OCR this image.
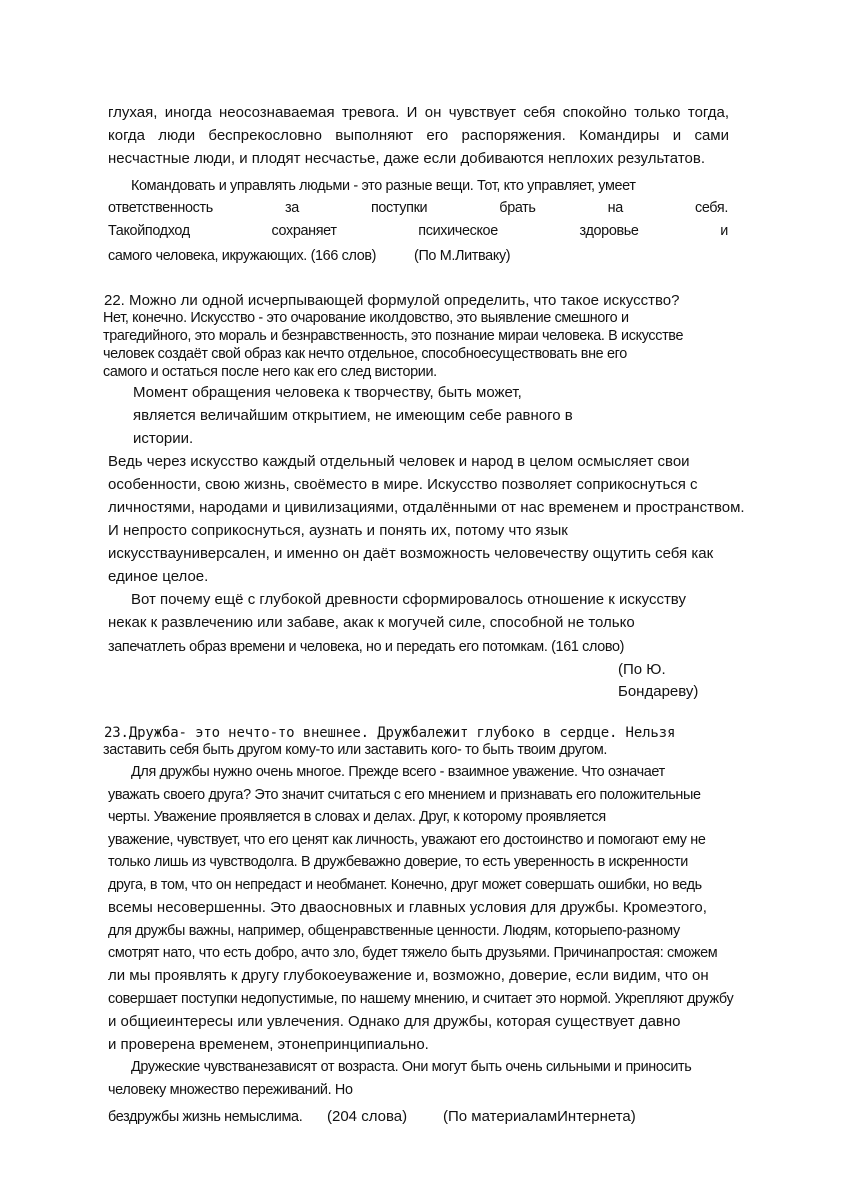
глухая, иногда неосознаваемая тревога. И он чувствует себя спокойно только тогда,
когда люди беспрекословно выполняют его распоряжения. Командиры и сами
несчастные люди, и плодят несчастье, даже если добиваются неплохих результатов.
Командовать и управлять людьми - это разные вещи. Тот, кто управляет, умеет
ответственность	за	поступки	брать	на	себя.
Такойподход	сохраняет	психическое	здоровье	и
самого человека, икружающих. (166 слов)	(По М.Литваку)
22. Можно ли одной исчерпывающей формулой определить, что такое искусство?
Нет, конечно. Искусство - это очарование иколдовство, это выявление смешного и
трагедийного, это мораль и безнравственность, это познание мираи человека. В искусстве
человек создаёт свой образ как нечто отдельное, способноесуществовать вне его
самого и остаться после него как его след вистории.
Момент обращения человека к творчеству, быть может,
является величайшим открытием, не имеющим себе равного в
истории.
Ведь через искусство каждый отдельный человек и народ в целом осмысляет свои
особенности, свою жизнь, своёместо в мире. Искусство позволяет соприкоснуться с
личностями, народами и цивилизациями, отдалёнными от нас временем и пространством.
И непросто соприкоснуться, аузнать и понять их, потому что язык
искусствауниверсален, и именно он даёт возможность человечеству ощутить себя как
единое целое.
Вот почему ещё с глубокой древности сформировалось отношение к искусству
некак к развлечению или забаве, акак к могучей силе, способной не только
запечатлеть образ времени и человека, но и передать его потомкам. (161 слово)
(По Ю.
Бондареву)
23.Дружба- это нечто-то внешнее. Дружбалежит глубоко в сердце. Нельзя
заставить себя быть другом кому-то или заставить кого- то быть твоим другом.
Для дружбы нужно очень многое. Прежде всего - взаимное уважение. Что означает
уважать своего друга? Это значит считаться с его мнением и признавать его положительные
черты. Уважение проявляется в словах и делах. Друг, к которому проявляется
уважение, чувствует, что его ценят как личность, уважают его достоинство и помогают ему не
только лишь из чувстводолга. В дружбеважно доверие, то есть уверенность в искренности
друга, в том, что он непредаст и необманет. Конечно, друг может совершать ошибки, но ведь
всемы несовершенны. Это двaосновных и главных условия для дружбы. Кромеэтого,
для дружбы важны, например, общенравственные ценности. Людям, которыепо-разному
смотрят нато, что есть добро, ачто зло, будет тяжело быть друзьями. Причинапростая: сможем
ли мы проявлять к другу глубокоеуважение и, возможно, доверие, если видим, что он
совершает поступки недопустимые, по нашему мнению, и считает это нормой. Укрепляют дружбу
и общиеинтересы или увлечения. Однако для дружбы, которая существует давно
и проверена временем, этонепринципиально.
Дружеские чувстванезависят от возраста. Они могут быть очень сильными и приносить
человеку множество переживаний. Но
бездружбы жизнь немыслима. (204 слова) (По материаламИнтернета)
